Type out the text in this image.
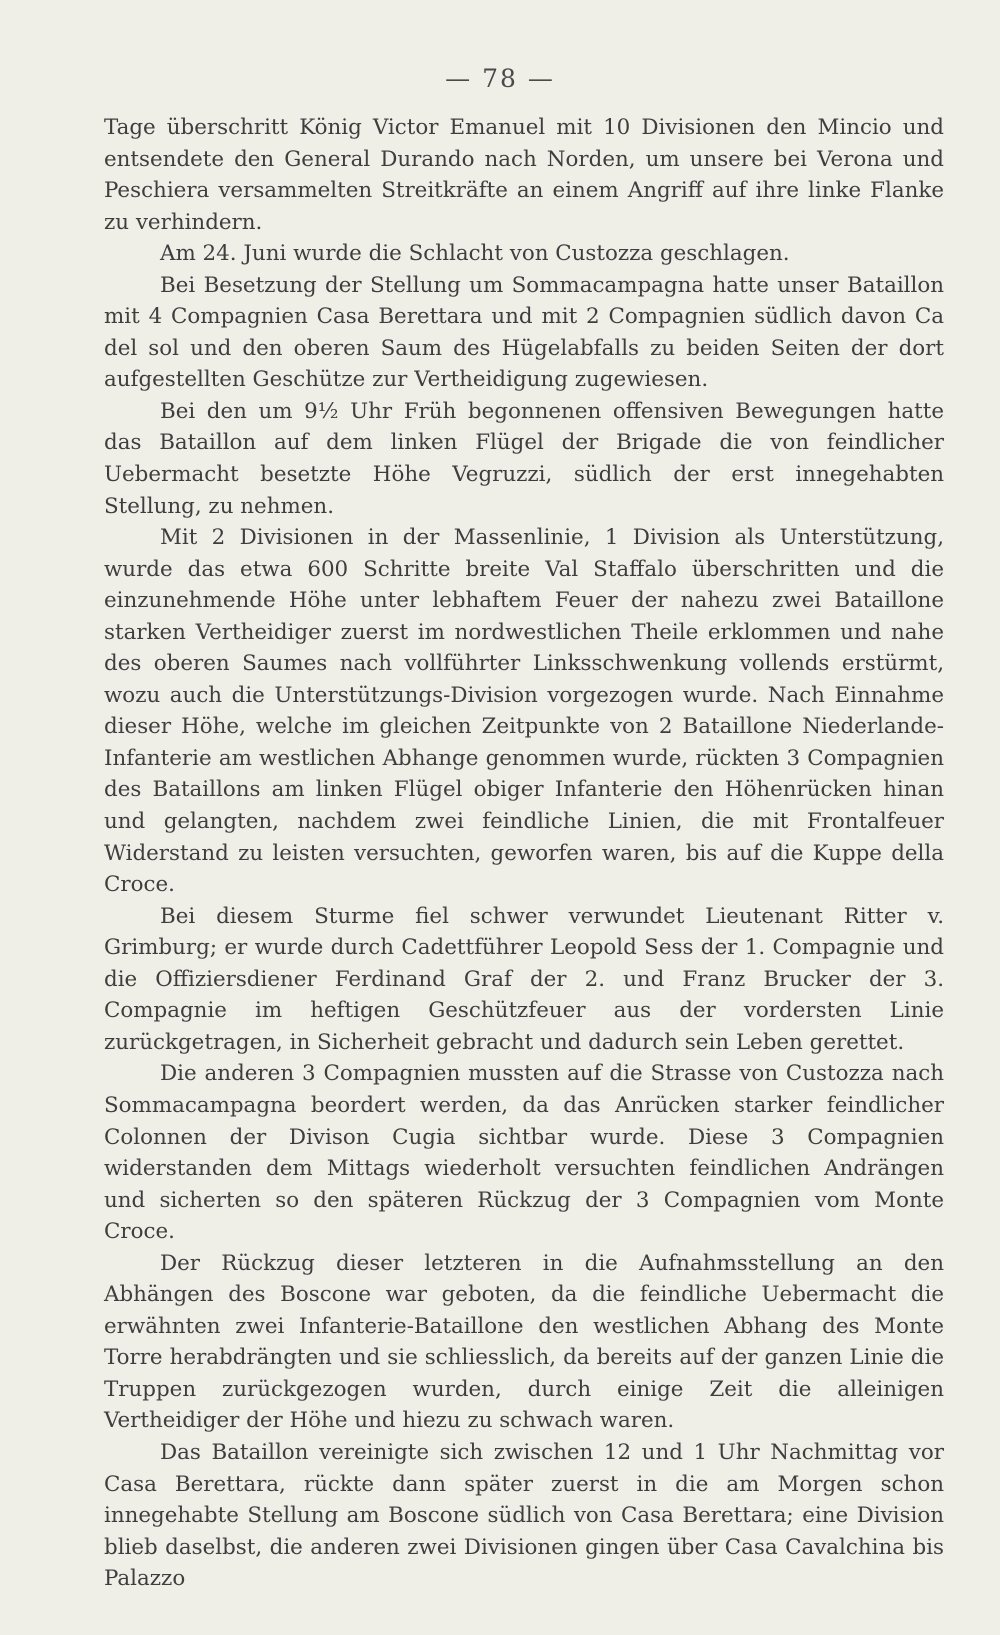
— 78 —

Tage überschritt König Victor Emanuel mit 10 Divisionen den Mincio und entsendete den General Durando nach Norden, um unsere bei Verona und Peschiera versammelten Streitkräfte an einem Angriff auf ihre linke Flanke zu verhindern.

Am 24. Juni wurde die Schlacht von Custozza geschlagen.

Bei Besetzung der Stellung um Sommacampagna hatte unser Bataillon mit 4 Compagnien Casa Berettara und mit 2 Compagnien südlich davon Ca del sol und den oberen Saum des Hügelabfalls zu beiden Seiten der dort aufgestellten Geschütze zur Vertheidigung zugewiesen.

Bei den um 9½ Uhr Früh begonnenen offensiven Bewegungen hatte das Bataillon auf dem linken Flügel der Brigade die von feindlicher Uebermacht besetzte Höhe Vegruzzi, südlich der erst innegehabten Stellung, zu nehmen.

Mit 2 Divisionen in der Massenlinie, 1 Division als Unterstützung, wurde das etwa 600 Schritte breite Val Staffalo überschritten und die einzunehmende Höhe unter lebhaftem Feuer der nahezu zwei Bataillone starken Vertheidiger zuerst im nordwestlichen Theile erklommen und nahe des oberen Saumes nach vollführter Linksschwenkung vollends erstürmt, wozu auch die Unterstützungs-Division vorgezogen wurde. Nach Einnahme dieser Höhe, welche im gleichen Zeitpunkte von 2 Bataillone Niederlande-Infanterie am westlichen Abhange genommen wurde, rückten 3 Compagnien des Bataillons am linken Flügel obiger Infanterie den Höhenrücken hinan und gelangten, nachdem zwei feindliche Linien, die mit Frontalfeuer Widerstand zu leisten versuchten, geworfen waren, bis auf die Kuppe della Croce.

Bei diesem Sturme fiel schwer verwundet Lieutenant Ritter v. Grimburg; er wurde durch Cadettführer Leopold Sess der 1. Compagnie und die Offiziersdiener Ferdinand Graf der 2. und Franz Brucker der 3. Compagnie im heftigen Geschützfeuer aus der vordersten Linie zurückgetragen, in Sicherheit gebracht und dadurch sein Leben gerettet.

Die anderen 3 Compagnien mussten auf die Strasse von Custozza nach Sommacampagna beordert werden, da das Anrücken starker feindlicher Colonnen der Divison Cugia sichtbar wurde. Diese 3 Compagnien widerstanden dem Mittags wiederholt versuchten feindlichen Andrängen und sicherten so den späteren Rückzug der 3 Compagnien vom Monte Croce.

Der Rückzug dieser letzteren in die Aufnahmsstellung an den Abhängen des Boscone war geboten, da die feindliche Uebermacht die erwähnten zwei Infanterie-Bataillone den westlichen Abhang des Monte Torre herabdrängten und sie schliesslich, da bereits auf der ganzen Linie die Truppen zurückgezogen wurden, durch einige Zeit die alleinigen Vertheidiger der Höhe und hiezu zu schwach waren.

Das Bataillon vereinigte sich zwischen 12 und 1 Uhr Nachmittag vor Casa Berettara, rückte dann später zuerst in die am Morgen schon innegehabte Stellung am Boscone südlich von Casa Berettara; eine Division blieb daselbst, die anderen zwei Divisionen gingen über Casa Cavalchina bis Palazzo
